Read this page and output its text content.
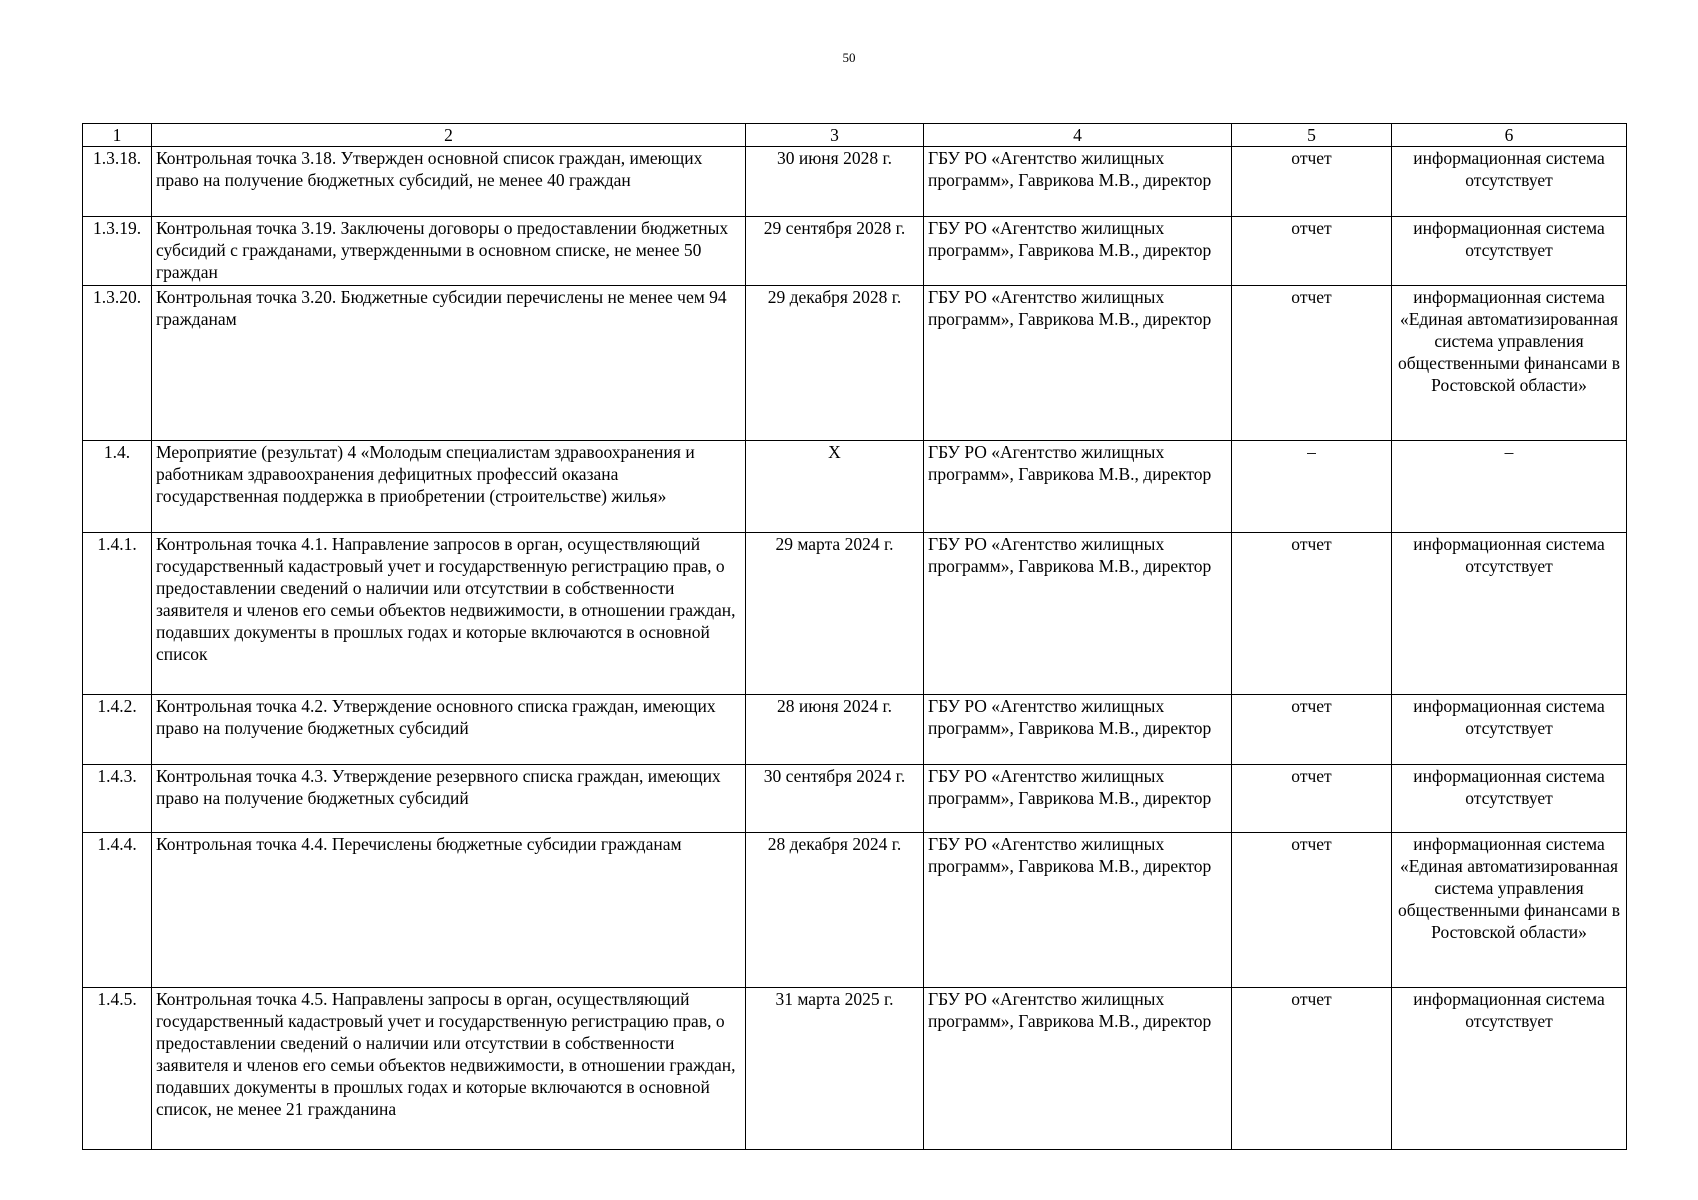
50
1	2	3	4	5	6
1.3.18.	Контрольная точка 3.18. Утвержден основной список граждан, имеющих право на получение бюджетных субсидий, не менее 40 граждан	30 июня 2028 г.	ГБУ РО «Агентство жилищных программ», Гаврикова М.В., директор	отчет	информационная система отсутствует
1.3.19.	Контрольная точка 3.19. Заключены договоры о предоставлении бюджетных субсидий с гражданами, утвержденными в основном списке, не менее 50 граждан	29 сентября 2028 г.	ГБУ РО «Агентство жилищных программ», Гаврикова М.В., директор	отчет	информационная система отсутствует
1.3.20.	Контрольная точка 3.20. Бюджетные субсидии перечислены не менее чем 94 гражданам	29 декабря 2028 г.	ГБУ РО «Агентство жилищных программ», Гаврикова М.В., директор	отчет	информационная система «Единая автоматизированная система управления общественными финансами в Ростовской области»
1.4.	Мероприятие (результат) 4 «Молодым специалистам здравоохранения и работникам здравоохранения дефицитных профессий оказана государственная поддержка в приобретении (строительстве) жилья»	X	ГБУ РО «Агентство жилищных программ», Гаврикова М.В., директор	–	–
1.4.1.	Контрольная точка 4.1. Направление запросов в орган, осуществляющий государственный кадастровый учет и государственную регистрацию прав, о предоставлении сведений о наличии или отсутствии в собственности заявителя и членов его семьи объектов недвижимости, в отношении граждан, подавших документы в прошлых годах и которые включаются в основной список	29 марта 2024 г.	ГБУ РО «Агентство жилищных программ», Гаврикова М.В., директор	отчет	информационная система отсутствует
1.4.2.	Контрольная точка 4.2. Утверждение основного списка граждан, имеющих право на получение бюджетных субсидий	28 июня 2024 г.	ГБУ РО «Агентство жилищных программ», Гаврикова М.В., директор	отчет	информационная система отсутствует
1.4.3.	Контрольная точка 4.3. Утверждение резервного списка граждан, имеющих право на получение бюджетных субсидий	30 сентября 2024 г.	ГБУ РО «Агентство жилищных программ», Гаврикова М.В., директор	отчет	информационная система отсутствует
1.4.4.	Контрольная точка 4.4. Перечислены бюджетные субсидии гражданам	28 декабря 2024 г.	ГБУ РО «Агентство жилищных программ», Гаврикова М.В., директор	отчет	информационная система «Единая автоматизированная система управления общественными финансами в Ростовской области»
1.4.5.	Контрольная точка 4.5. Направлены запросы в орган, осуществляющий государственный кадастровый учет и государственную регистрацию прав, о предоставлении сведений о наличии или отсутствии в собственности заявителя и членов его семьи объектов недвижимости, в отношении граждан, подавших документы в прошлых годах и которые включаются в основной список, не менее 21 гражданина	31 марта 2025 г.	ГБУ РО «Агентство жилищных программ», Гаврикова М.В., директор	отчет	информационная система отсутствует
